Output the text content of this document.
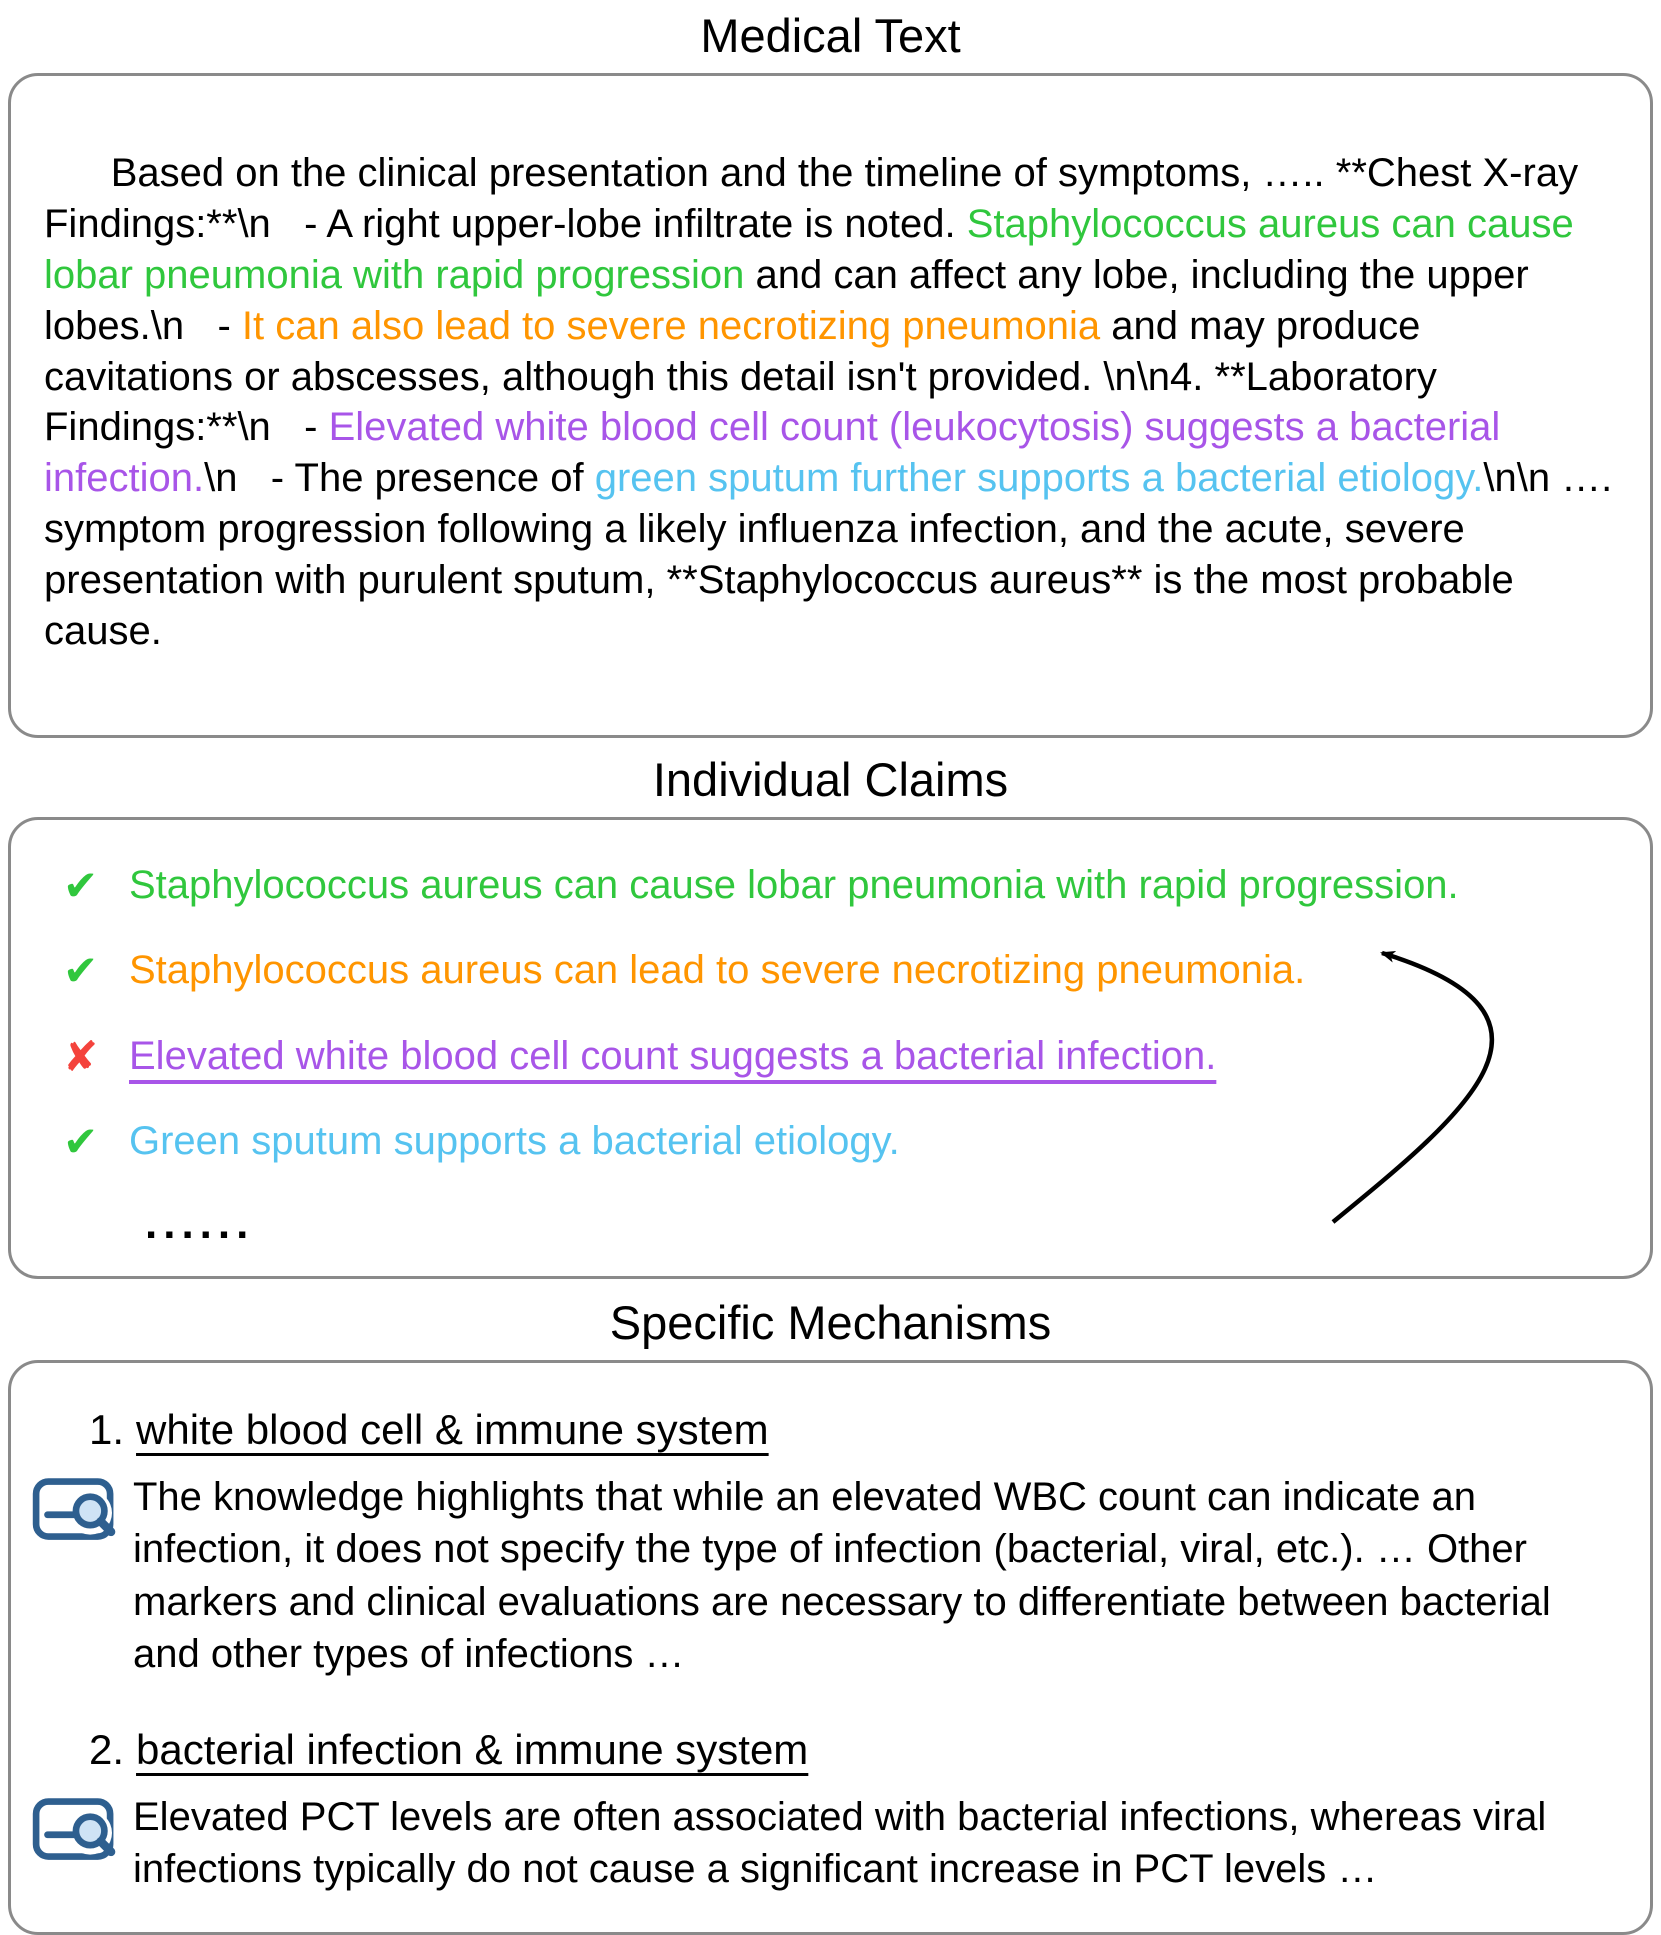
Medical Text

Based on the clinical presentation and the timeline of symptoms, ….. **Chest X-ray Findings:**\n   - A right upper-lobe infiltrate is noted. Staphylococcus aureus can cause lobar pneumonia with rapid progression and can affect any lobe, including the upper lobes.\n   - It can also lead to severe necrotizing pneumonia and may produce cavitations or abscesses, although this detail isn't provided. \n\n4. **Laboratory Findings:**\n   - Elevated white blood cell count (leukocytosis) suggests a bacterial infection.\n   - The presence of green sputum further supports a bacterial etiology.\n\n …. symptom progression following a likely influenza infection, and the acute, severe presentation with purulent sputum, **Staphylococcus aureus** is the most probable cause.

Individual Claims
✔ Staphylococcus aureus can cause lobar pneumonia with rapid progression.
✔ Staphylococcus aureus can lead to severe necrotizing pneumonia.
✘ Elevated white blood cell count suggests a bacterial infection.
✔ Green sputum supports a bacterial etiology.
......
Specific Mechanisms
1. white blood cell & immune system
The knowledge highlights that while an elevated WBC count can indicate an infection, it does not specify the type of infection (bacterial, viral, etc.). … Other markers and clinical evaluations are necessary to differentiate between bacterial and other types of infections …
2. bacterial infection & immune system
Elevated PCT levels are often associated with bacterial infections, whereas viral infections typically do not cause a significant increase in PCT levels …
